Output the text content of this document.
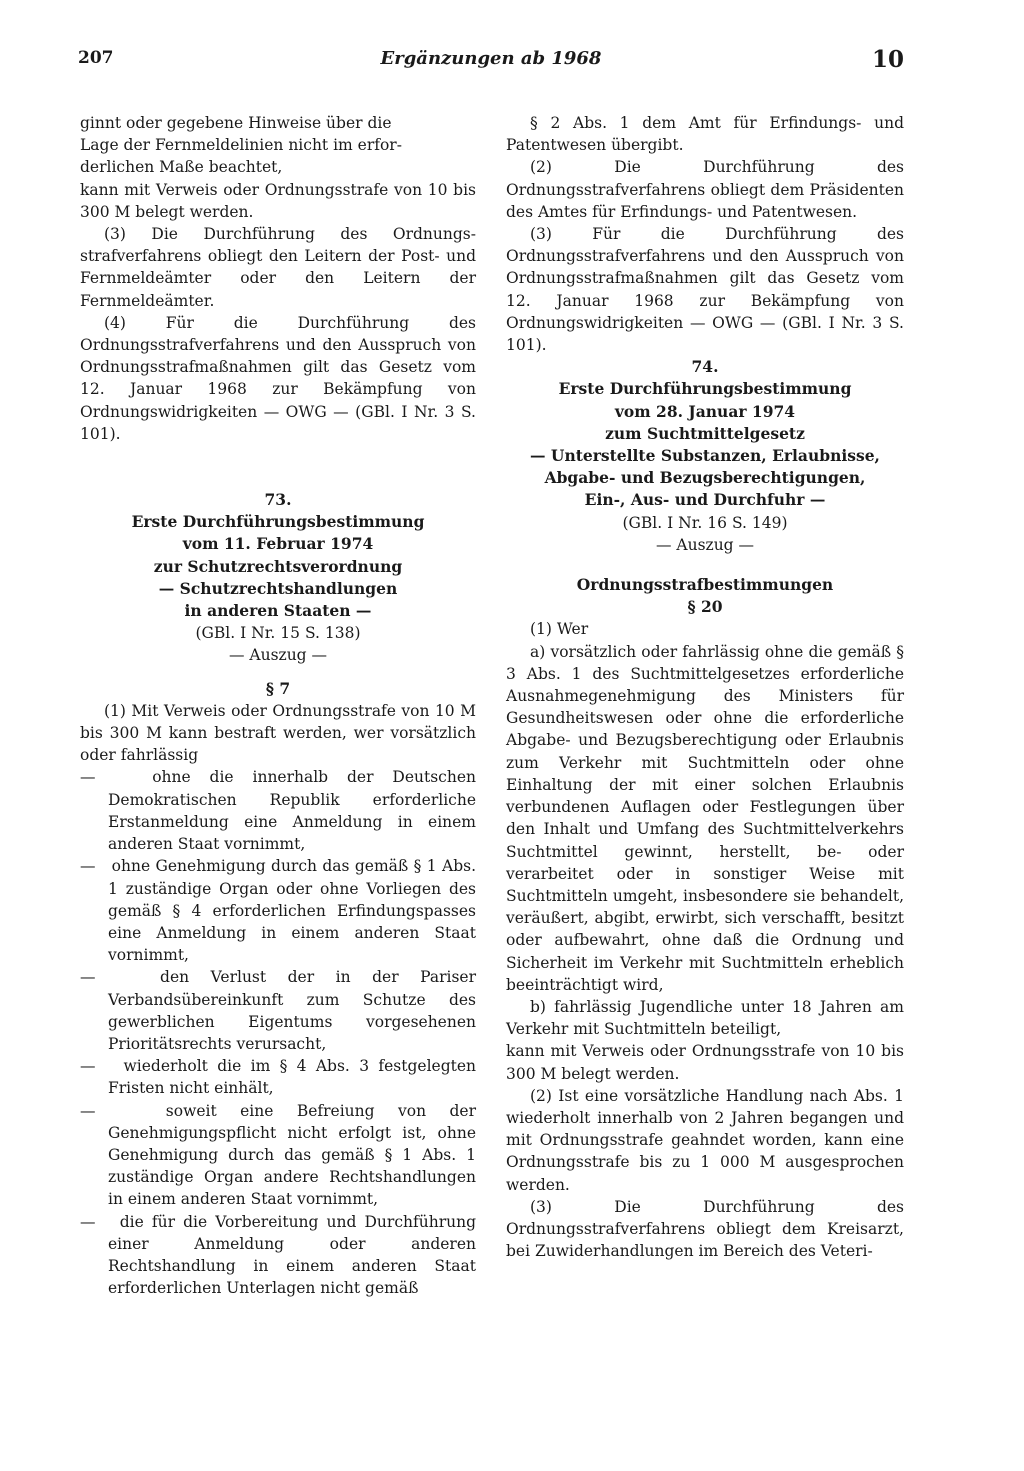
207	Ergänzungen ab 1968	10

ginnt oder gegebene Hinweise über die

Lage der Fernmeldelinien nicht im erfor-

derlichen Maße beachtet,

kann mit Verweis oder Ordnungsstrafe von 10 bis 300 M belegt werden.

(3) Die Durchführung des Ordnungs-strafverfahrens obliegt den Leitern der Post- und Fernmeldeämter oder den Leitern der Fernmeldeämter.

(4) Für die Durchführung des Ordnungsstrafverfahrens und den Ausspruch von Ordnungsstrafmaßnahmen gilt das Gesetz vom 12. Januar 1968 zur Bekämpfung von Ordnungswidrigkeiten — OWG — (GBl. I Nr. 3 S. 101).

73.

Erste Durchführungsbestimmung

vom 11. Februar 1974

zur Schutzrechtsverordnung

— Schutzrechtshandlungen

in anderen Staaten —

(GBl. I Nr. 15 S. 138)

— Auszug —

§ 7

(1) Mit Verweis oder Ordnungsstrafe von 10 M bis 300 M kann bestraft werden, wer vorsätzlich oder fahrlässig

—   ohne die innerhalb der Deutschen Demokratischen Republik erforderliche Erstanmeldung eine Anmeldung in einem anderen Staat vornimmt,

—   ohne Genehmigung durch das gemäß § 1 Abs. 1 zuständige Organ oder ohne Vorliegen des gemäß § 4 erforderlichen Erfindungspasses eine Anmeldung in einem anderen Staat vornimmt,

—   den Verlust der in der Pariser Verbandsübereinkunft zum Schutze des gewerblichen Eigentums vorgesehenen Prioritätsrechts verursacht,

—   wiederholt die im § 4 Abs. 3 festgelegten Fristen nicht einhält,

—   soweit eine Befreiung von der Genehmigungspflicht nicht erfolgt ist, ohne Genehmigung durch das gemäß § 1 Abs. 1 zuständige Organ andere Rechtshandlungen in einem anderen Staat vornimmt,

—   die für die Vorbereitung und Durchführung einer Anmeldung oder anderen Rechtshandlung in einem anderen Staat erforderlichen Unterlagen nicht gemäß

§ 2 Abs. 1 dem Amt für Erfindungs- und Patentwesen übergibt.

(2) Die Durchführung des Ordnungsstrafverfahrens obliegt dem Präsidenten des Amtes für Erfindungs- und Patentwesen.

(3) Für die Durchführung des Ordnungsstrafverfahrens und den Ausspruch von Ordnungsstrafmaßnahmen gilt das Gesetz vom 12. Januar 1968 zur Bekämpfung von Ordnungswidrigkeiten — OWG — (GBl. I Nr. 3 S. 101).

74.

Erste Durchführungsbestimmung

vom 28. Januar 1974

zum Suchtmittelgesetz

— Unterstellte Substanzen, Erlaubnisse,

Abgabe- und Bezugsberechtigungen,

Ein-, Aus- und Durchfuhr —

(GBl. I Nr. 16 S. 149)

— Auszug —

Ordnungsstrafbestimmungen

§ 20

(1) Wer

a) vorsätzlich oder fahrlässig ohne die gemäß § 3 Abs. 1 des Suchtmittelgesetzes erforderliche Ausnahmegenehmigung des Ministers für Gesundheitswesen oder ohne die erforderliche Abgabe- und Bezugsberechtigung oder Erlaubnis zum Verkehr mit Suchtmitteln oder ohne Einhaltung der mit einer solchen Erlaubnis verbundenen Auflagen oder Festlegungen über den Inhalt und Umfang des Suchtmittelverkehrs Suchtmittel gewinnt, herstellt, be- oder verarbeitet oder in sonstiger Weise mit Suchtmitteln umgeht, insbesondere sie behandelt, veräußert, abgibt, erwirbt, sich verschafft, besitzt oder aufbewahrt, ohne daß die Ordnung und Sicherheit im Verkehr mit Suchtmitteln erheblich beeinträchtigt wird,

b) fahrlässig Jugendliche unter 18 Jahren am Verkehr mit Suchtmitteln beteiligt,

kann mit Verweis oder Ordnungsstrafe von 10 bis 300 M belegt werden.

(2) Ist eine vorsätzliche Handlung nach Abs. 1 wiederholt innerhalb von 2 Jahren begangen und mit Ordnungsstrafe geahndet worden, kann eine Ordnungsstrafe bis zu 1 000 M ausgesprochen werden.

(3) Die Durchführung des Ordnungsstrafverfahrens obliegt dem Kreisarzt, bei Zuwiderhandlungen im Bereich des Veteri-
